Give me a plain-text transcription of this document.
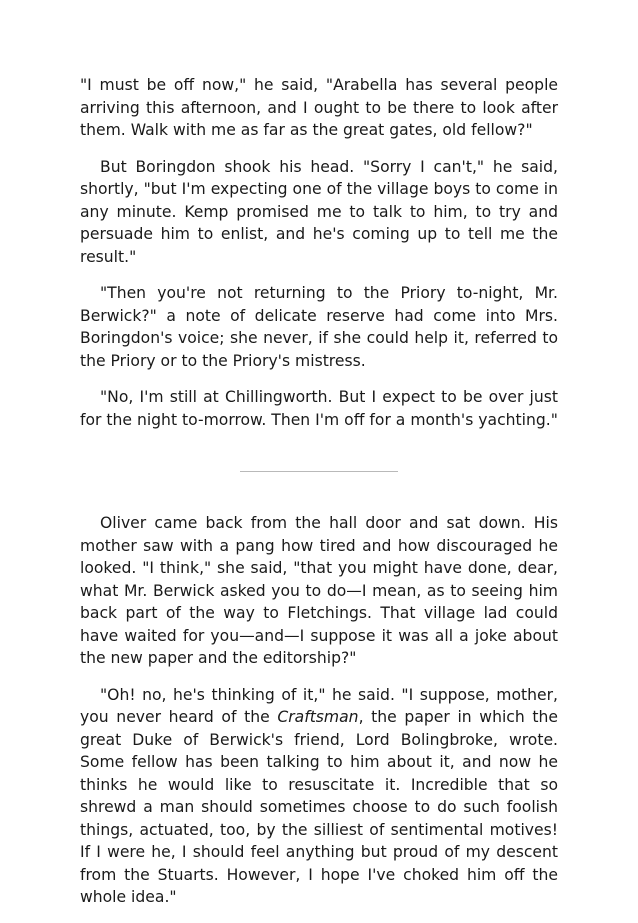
"I must be off now," he said, "Arabella has several people arriving this afternoon, and I ought to be there to look after them. Walk with me as far as the great gates, old fellow?"

But Boringdon shook his head. "Sorry I can't," he said, shortly, "but I'm expecting one of the village boys to come in any minute. Kemp promised me to talk to him, to try and persuade him to enlist, and he's coming up to tell me the result."

"Then you're not returning to the Priory to-night, Mr. Berwick?" a note of delicate reserve had come into Mrs. Boringdon's voice; she never, if she could help it, referred to the Priory or to the Priory's mistress.

"No, I'm still at Chillingworth. But I expect to be over just for the night to-morrow. Then I'm off for a month's yachting."

Oliver came back from the hall door and sat down. His mother saw with a pang how tired and how discouraged he looked. "I think," she said, "that you might have done, dear, what Mr. Berwick asked you to do—I mean, as to seeing him back part of the way to Fletchings. That village lad could have waited for you—and—I suppose it was all a joke about the new paper and the editorship?"

"Oh! no, he's thinking of it," he said. "I suppose, mother, you never heard of the Craftsman, the paper in which the great Duke of Berwick's friend, Lord Bolingbroke, wrote. Some fellow has been talking to him about it, and now he thinks he would like to resuscitate it. Incredible that so shrewd a man should sometimes choose to do such foolish things, actuated, too, by the silliest of sentimental motives! If I were he, I should feel anything but proud of my descent from the Stuarts. However, I hope I've choked him off the whole idea."
